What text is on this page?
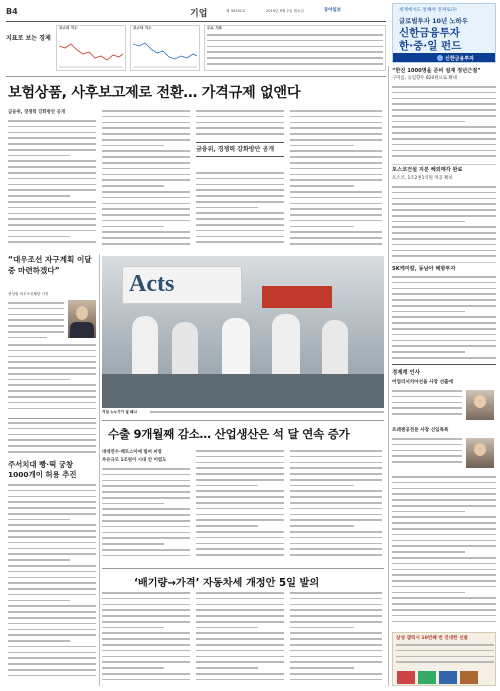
B4	기업	제 30332호	2019년 9월 2일 월요일	동아일보	세계에서도 통해야 진짜로다!
글로벌투자 10년 노하우
신한금융투자
한·중·일 펀드
신한금융투자
지표로 보는 경제
코스피 지수	코스닥 지수	주요 지표
보험상품, 사후보고제로 전환… 가격규제 없앤다
금융위, 경쟁력 강화방안 공개
금융위, 경쟁력 강화방안 공개
“대우조선 자구계획 이달중 마련하겠다”
정성립 대우조선해양 사장
주서치대 빵·떡 궁창 1000개이 허용 추진
Acts
거침 누누가가 잘 돼나
수출 9개월째 감소… 산업생산은 석 달 연속 증가
대데연수·베트스아에 벌써 씨랑
부유규모 1조원이 시대 안 어렵도
‘배기량→가격’ 자동차세 개정안 5일 발의
“한진 1000명을 준비 설계 정년근절”
구미를, 응엄향우 820원으로 확대
포스코건설 지분 해외매각 완료
포스코, 1조2천1억원 적공 확보
SK케미칼, 동남아 해방투자
경제계 인사
어업리서치아선을 사장 선출에
프레젠공전문 사장 신임목록
삼성 갤럭시 10번째 번 진대한 선물
